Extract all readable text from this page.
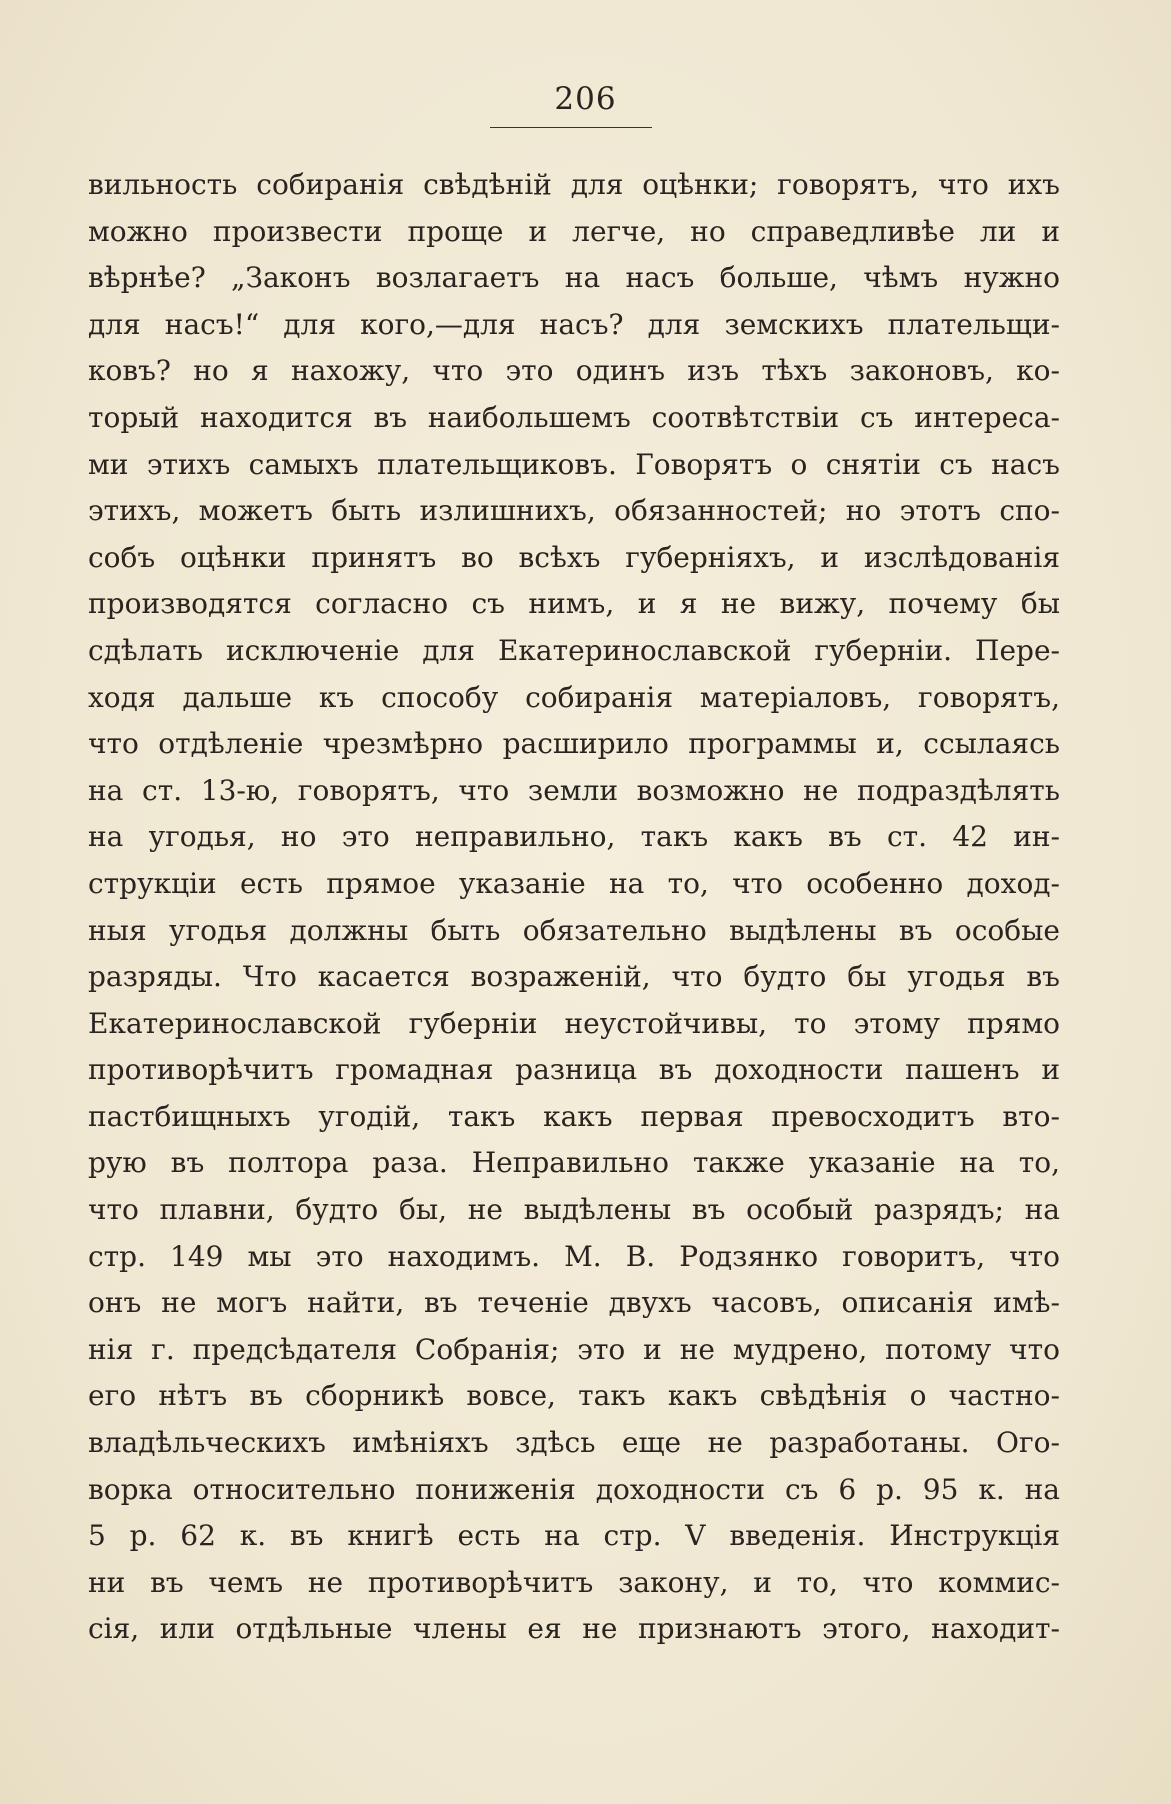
206
вильность собиранія свѣдѣній для оцѣнки; говорятъ, что ихъ
можно произвести проще и легче, но справедливѣе ли и
вѣрнѣе? „Законъ возлагаетъ на насъ больше, чѣмъ нужно
для насъ!“ для кого,—для насъ? для земскихъ плательщи-
ковъ? но я нахожу, что это одинъ изъ тѣхъ законовъ, ко-
торый находится въ наибольшемъ соотвѣтствіи съ интереса-
ми этихъ самыхъ плательщиковъ. Говорятъ о снятіи съ насъ
этихъ, можетъ быть излишнихъ, обязанностей; но этотъ спо-
собъ оцѣнки принятъ во всѣхъ губерніяхъ, и изслѣдованія
производятся согласно съ нимъ, и я не вижу, почему бы
сдѣлать исключеніе для Екатеринославской губерніи. Пере-
ходя дальше къ способу собиранія матеріаловъ, говорятъ,
что отдѣленіе чрезмѣрно расширило программы и, ссылаясь
на ст. 13-ю, говорятъ, что земли возможно не подраздѣлять
на угодья, но это неправильно, такъ какъ въ ст. 42 ин-
струкціи есть прямое указаніе на то, что особенно доход-
ныя угодья должны быть обязательно выдѣлены въ особые
разряды. Что касается возраженій, что будто бы угодья въ
Екатеринославской губерніи неустойчивы, то этому прямо
противорѣчитъ громадная разница въ доходности пашенъ и
пастбищныхъ угодій, такъ какъ первая превосходитъ вто-
рую въ полтора раза. Неправильно также указаніе на то,
что плавни, будто бы, не выдѣлены въ особый разрядъ; на
стр. 149 мы это находимъ. М. В. Родзянко говоритъ, что
онъ не могъ найти, въ теченіе двухъ часовъ, описанія имѣ-
нія г. предсѣдателя Собранія; это и не мудрено, потому что
его нѣтъ въ сборникѣ вовсе, такъ какъ свѣдѣнія о частно-
владѣльческихъ имѣніяхъ здѣсь еще не разработаны. Ого-
ворка относительно пониженія доходности съ 6 р. 95 к. на
5 р. 62 к. въ книгѣ есть на стр. V введенія. Инструкція
ни въ чемъ не противорѣчитъ закону, и то, что коммис-
сія, или отдѣльные члены ея не признаютъ этого, находит-
